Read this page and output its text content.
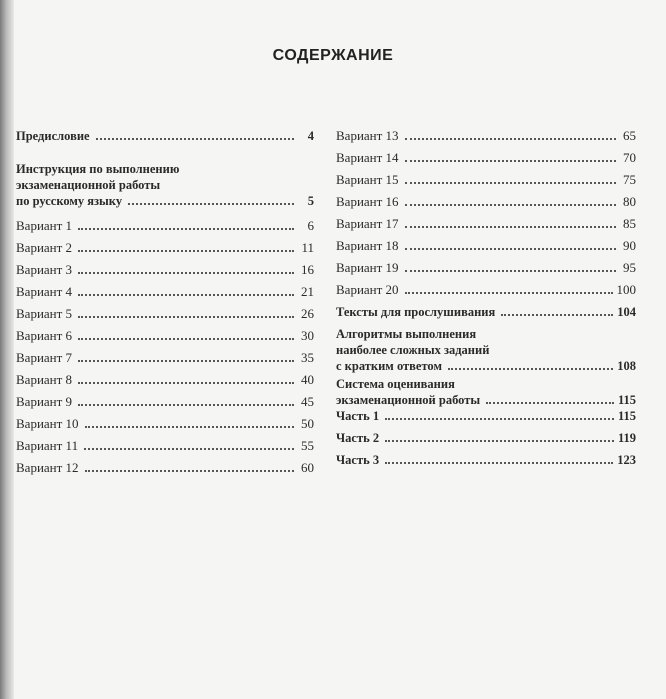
СОДЕРЖАНИЕ
Предисловие	4
Инструкция по выполнению
экзаменационной работы
по русскому языку	5
Вариант 1	6
Вариант 2	11
Вариант 3	16
Вариант 4	21
Вариант 5	26
Вариант 6	30
Вариант 7	35
Вариант 8	40
Вариант 9	45
Вариант 10	50
Вариант 11	55
Вариант 12	60
Вариант 13	65
Вариант 14	70
Вариант 15	75
Вариант 16	80
Вариант 17	85
Вариант 18	90
Вариант 19	95
Вариант 20	100
Тексты для прослушивания	104
Алгоритмы выполнения
наиболее сложных заданий
с кратким ответом	108
Система оценивания
экзаменационной работы	115
Часть 1	115
Часть 2	119
Часть 3	123
